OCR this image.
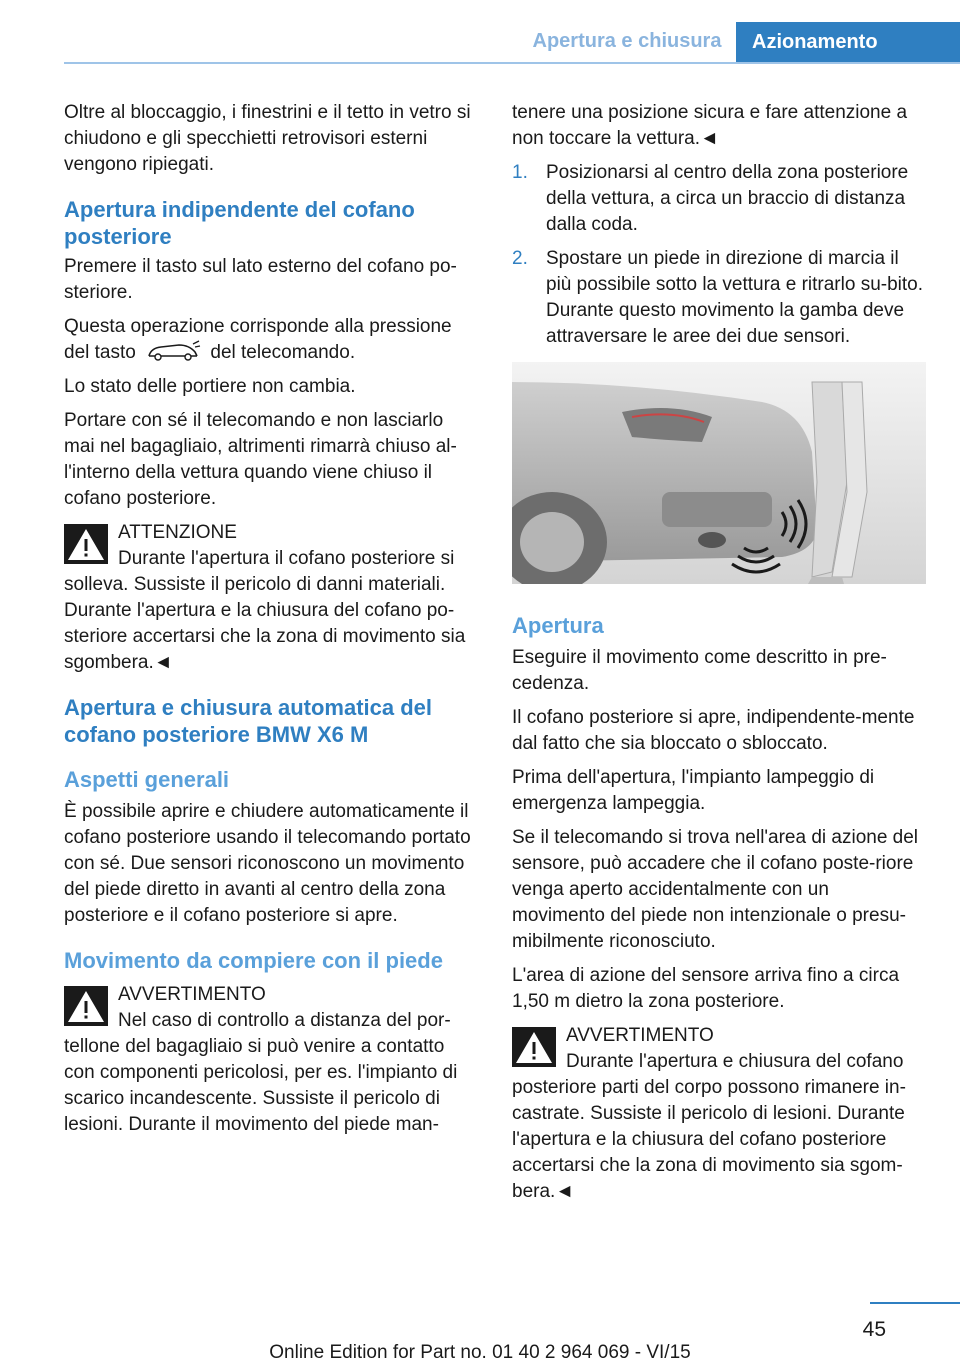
Apertura e chiusura	Azionamento

Oltre al bloccaggio, i finestrini e il tetto in vetro si chiudono e gli specchietti retrovisori esterni vengono ripiegati.

Apertura indipendente del cofano posteriore

Premere il tasto sul lato esterno del cofano po-steriore.

Questa operazione corrisponde alla pressione del tasto	del telecomando.

Lo stato delle portiere non cambia.

Portare con sé il telecomando e non lasciarlo mai nel bagagliaio, altrimenti rimarrà chiuso al-l'interno della vettura quando viene chiuso il cofano posteriore.

ATTENZIONE
Durante l'apertura il cofano posteriore si solleva. Sussiste il pericolo di danni materiali. Durante l'apertura e la chiusura del cofano po-steriore accertarsi che la zona di movimento sia sgombera.◄
Apertura e chiusura automatica del cofano posteriore BMW X6 M
Aspetti generali

È possibile aprire e chiudere automaticamente il cofano posteriore usando il telecomando portato con sé. Due sensori riconoscono un movimento del piede diretto in avanti al centro della zona posteriore e il cofano posteriore si apre.

Movimento da compiere con il piede
AVVERTIMENTO
Nel caso di controllo a distanza del por-tellone del bagagliaio si può venire a contatto con componenti pericolosi, per es. l'impianto di scarico incandescente. Sussiste il pericolo di lesioni. Durante il movimento del piede man-

tenere una posizione sicura e fare attenzione a non toccare la vettura.◄

1. Posizionarsi al centro della zona posteriore della vettura, a circa un braccio di distanza dalla coda.
2. Spostare un piede in direzione di marcia il più possibile sotto la vettura e ritrarlo su-bito. Durante questo movimento la gamba deve attraversare le aree dei due sensori.
Apertura

Eseguire il movimento come descritto in pre-cedenza.

Il cofano posteriore si apre, indipendente-mente dal fatto che sia bloccato o sbloccato.

Prima dell'apertura, l'impianto lampeggio di emergenza lampeggia.

Se il telecomando si trova nell'area di azione del sensore, può accadere che il cofano poste-riore venga aperto accidentalmente con un movimento del piede non intenzionale o presu-mibilmente riconosciuto.

L'area di azione del sensore arriva fino a circa 1,50 m dietro la zona posteriore.

AVVERTIMENTO
Durante l'apertura e chiusura del cofano posteriore parti del corpo possono rimanere in-castrate. Sussiste il pericolo di lesioni. Durante l'apertura e la chiusura del cofano posteriore accertarsi che la zona di movimento sia sgom-bera.◄
45
Online Edition for Part no. 01 40 2 964 069 - VI/15
